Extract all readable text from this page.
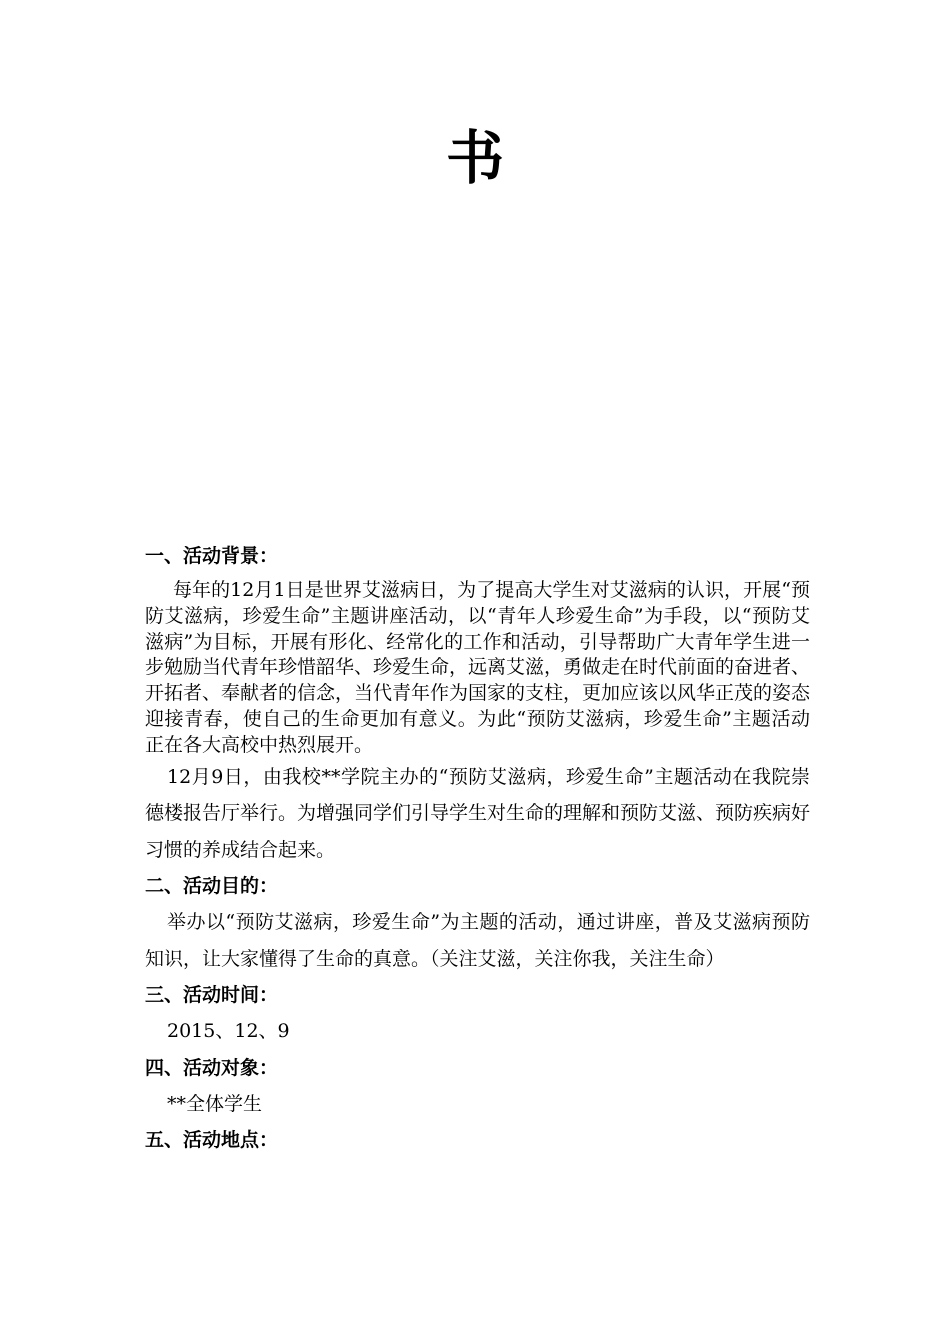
书

一、活动背景：

每年的12月1日是世界艾滋病日，为了提高大学生对艾滋病的认识，开展“预防艾滋病，珍爱生命”主题讲座活动，以“青年人珍爱生命”为手段，以“预防艾滋病”为目标，开展有形化、经常化的工作和活动，引导帮助广大青年学生进一步勉励当代青年珍惜韶华、珍爱生命，远离艾滋，勇做走在时代前面的奋进者、开拓者、奉献者的信念，当代青年作为国家的支柱，更加应该以风华正茂的姿态迎接青春，使自己的生命更加有意义。为此“预防艾滋病，珍爱生命”主题活动正在各大高校中热烈展开。

12月9日，由我校**学院主办的“预防艾滋病，珍爱生命”主题活动在我院崇德楼报告厅举行。为增强同学们引导学生对生命的理解和预防艾滋、预防疾病好习惯的养成结合起来。

二、活动目的：

举办以“预防艾滋病，珍爱生命”为主题的活动，通过讲座，普及艾滋病预防知识，让大家懂得了生命的真意。（关注艾滋，关注你我，关注生命）

三、活动时间：

2015、12、9

四、活动对象：

**全体学生

五、活动地点：
